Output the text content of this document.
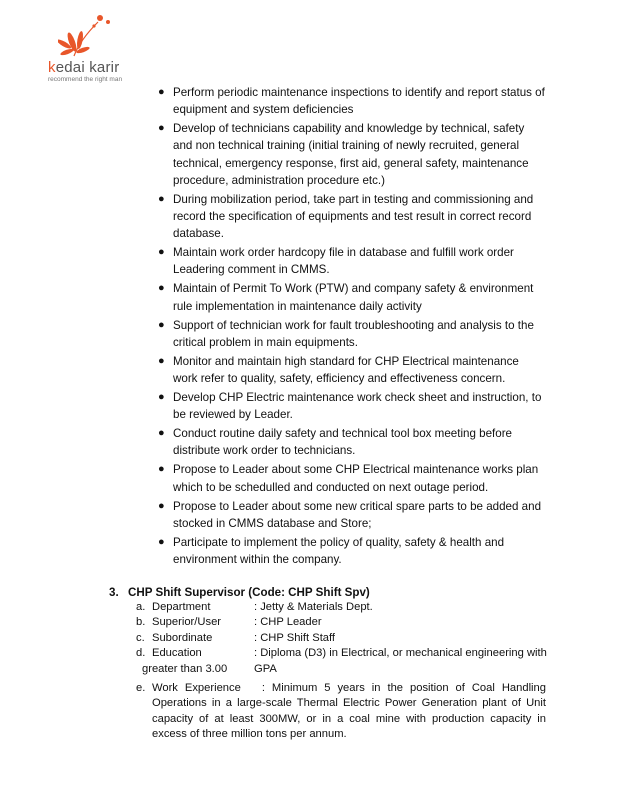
kedai karir
recommend the right man
● Perform periodic maintenance inspections to identify and report status of equipment and system deficiencies
● Develop of technicians capability and knowledge by technical, safety and non technical training (initial training of newly recruited, general technical, emergency response, first aid, general safety, maintenance procedure, administration procedure etc.)
● During mobilization period, take part in testing and commissioning and record the specification of equipments and test result in correct record database.
● Maintain work order hardcopy file in database and fulfill work order Leadering comment in CMMS.
● Maintain of Permit To Work (PTW) and company safety & environment rule implementation in maintenance daily activity
● Support of technician work for fault troubleshooting and analysis to the critical problem in main equipments.
● Monitor and maintain high standard for CHP Electrical maintenance work refer to quality, safety, efficiency and effectiveness concern.
● Develop CHP Electric maintenance work check sheet and instruction, to be reviewed by Leader.
● Conduct routine daily safety and technical tool box meeting before distribute work order to technicians.
● Propose to Leader about some CHP Electrical maintenance works plan which to be schedulled and conducted on next outage period.
● Propose to Leader about some new critical spare parts to be added and stocked in CMMS database and Store;
● Participate to implement the policy of quality, safety & health and environment within the company.
3. CHP Shift Supervisor (Code: CHP Shift Spv)
a. Department	: Jetty & Materials Dept.
b. Superior/User	: CHP Leader
c. Subordinate	: CHP Shift Staff
d. Education	: Diploma (D3) in Electrical, or mechanical engineering with GPA
greater than 3.00
e. Work Experience : Minimum 5 years in the position of Coal Handling Operations in a large-scale Thermal Electric Power Generation plant of Unit capacity of at least 300MW, or in a coal mine with production capacity in excess of three million tons per annum.
